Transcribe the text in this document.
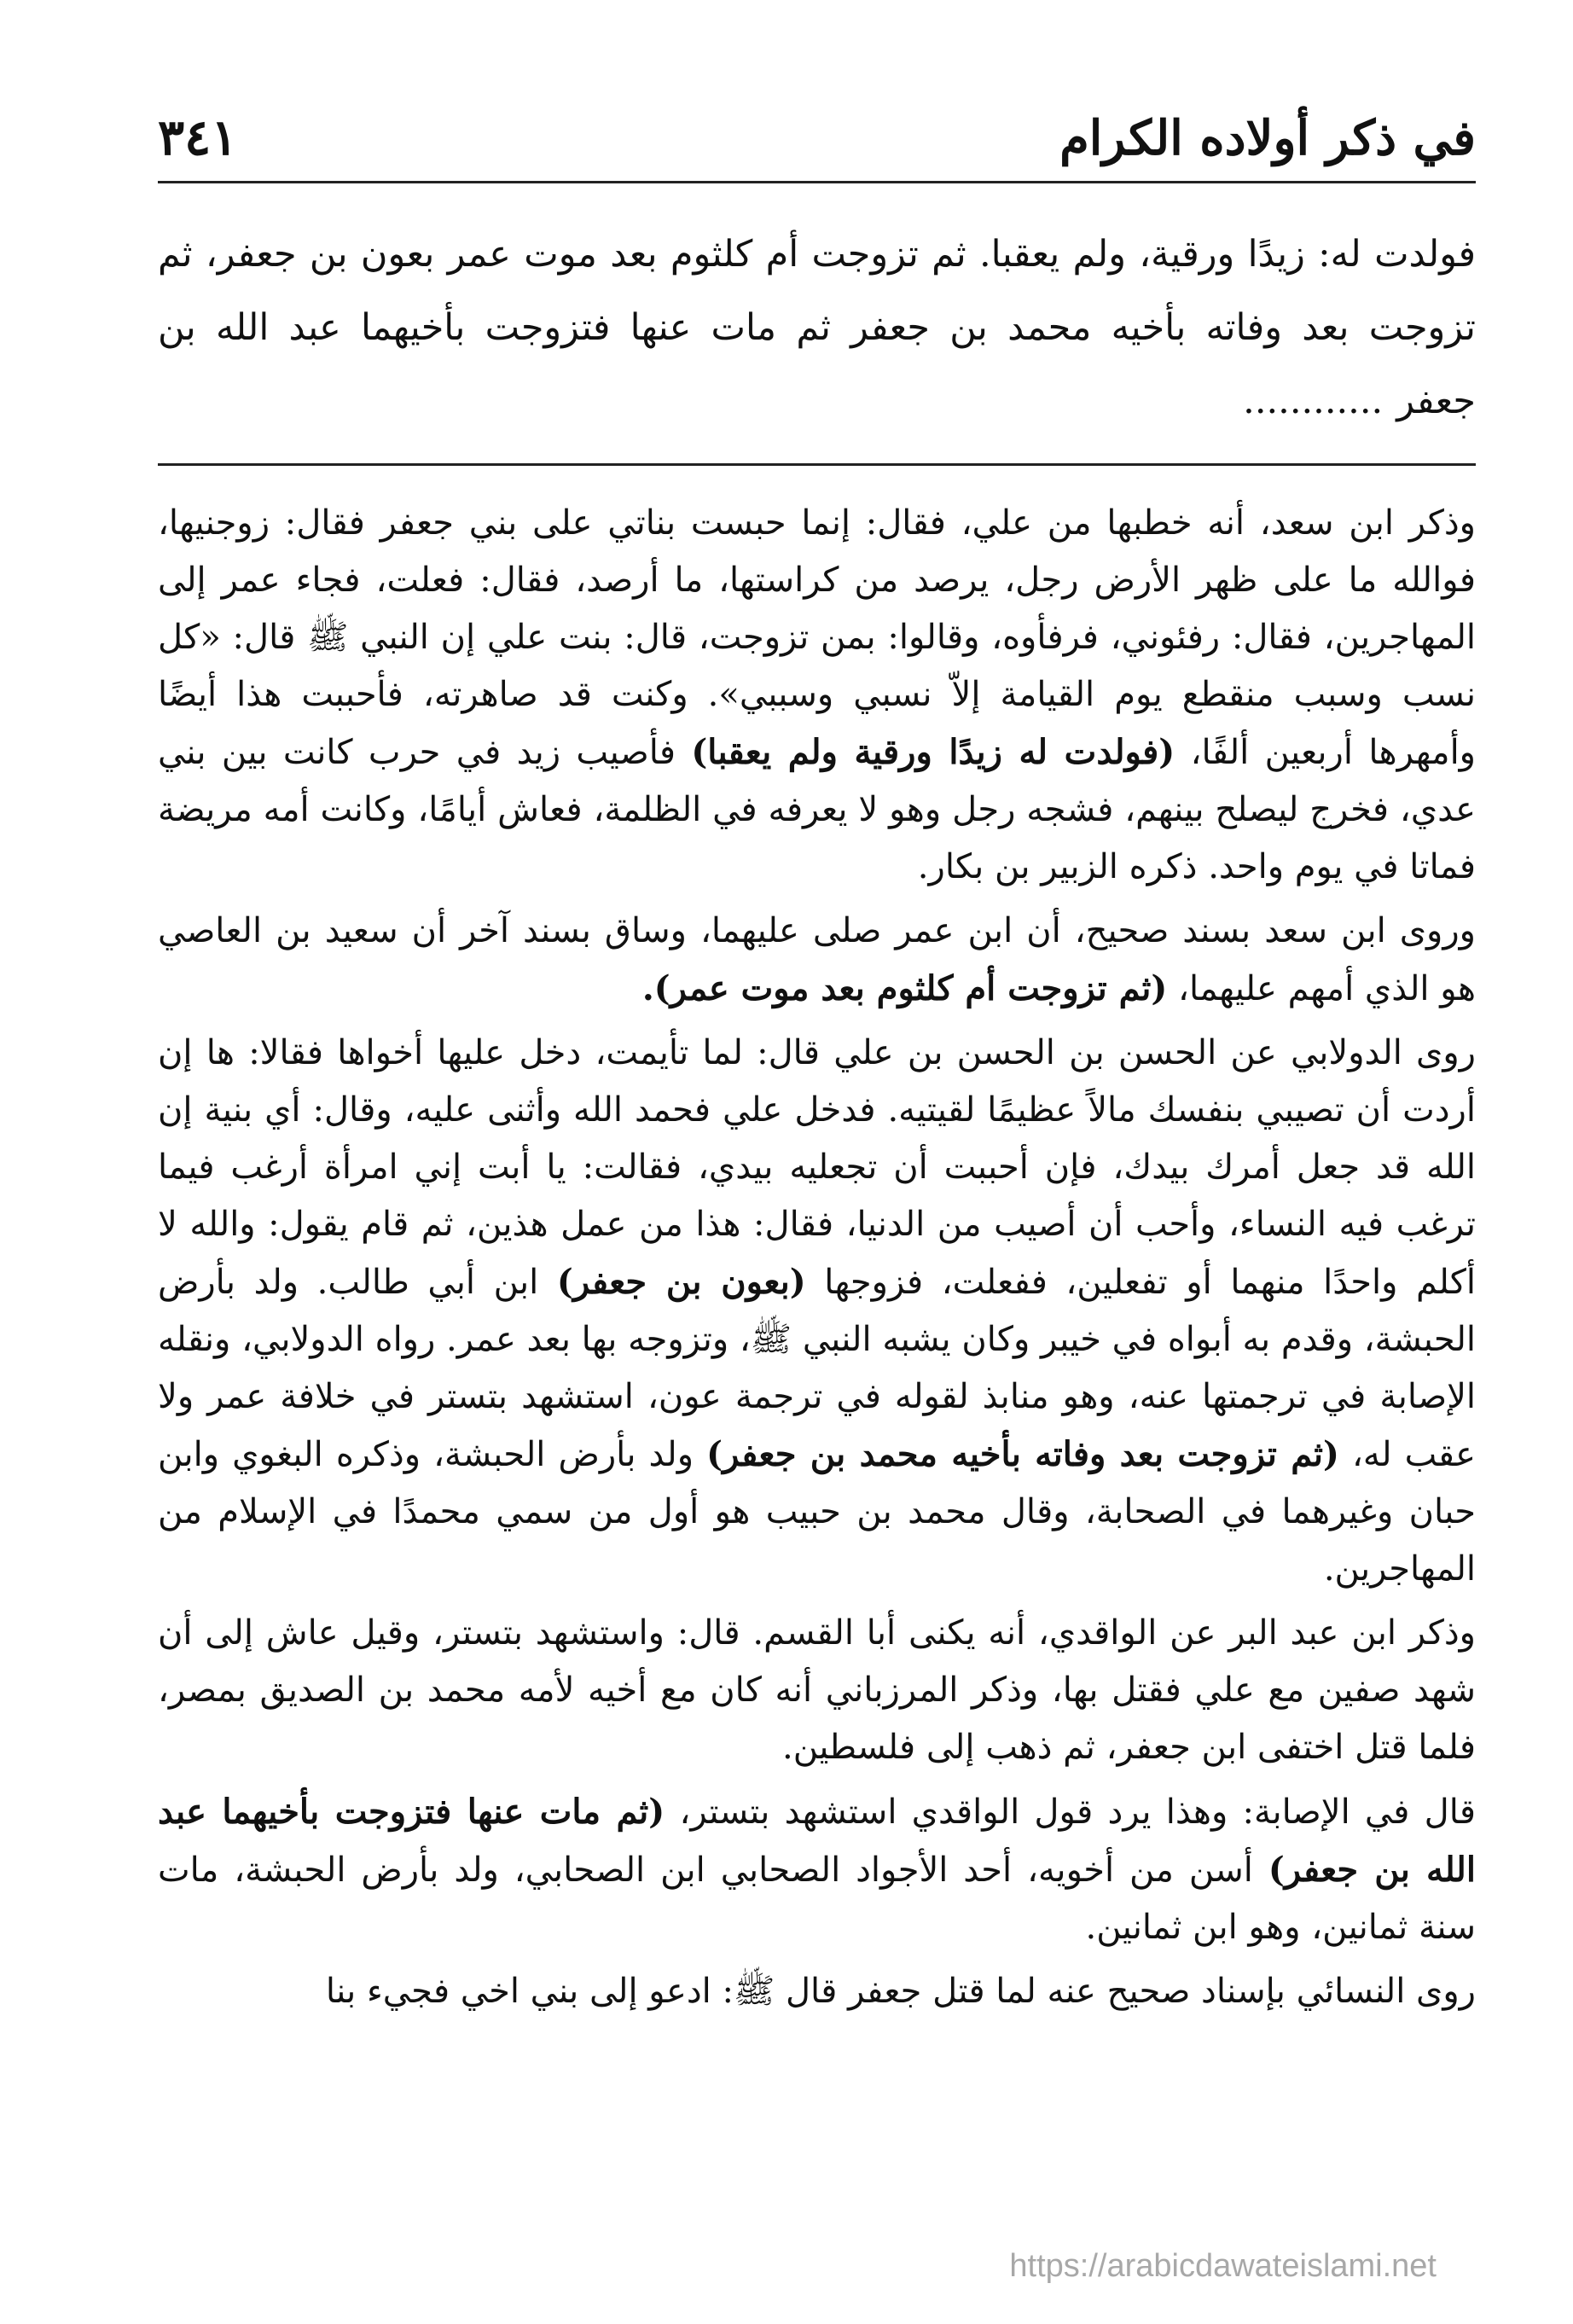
في ذكر أولاده الكرام
٣٤١
فولدت له: زيدًا ورقية، ولم يعقبا. ثم تزوجت أم كلثوم بعد موت عمر بعون بن جعفر، ثم تزوجت بعد وفاته بأخيه محمد بن جعفر ثم مات عنها فتزوجت بأخيهما عبد الله بن جعفر............

وذكر ابن سعد، أنه خطبها من علي، فقال: إنما حبست بناتي على بني جعفر فقال: زوجنيها، فوالله ما على ظهر الأرض رجل، يرصد من كراستها، ما أرصد، فقال: فعلت، فجاء عمر إلى المهاجرين، فقال: رفئوني، فرفأوه، وقالوا: بمن تزوجت، قال: بنت علي إن النبي ﷺ قال: «كل نسب وسبب منقطع يوم القيامة إلاّ نسبي وسببي». وكنت قد صاهرته، فأحببت هذا أيضًا وأمهرها أربعين ألفًا، (فولدت له زيدًا ورقية ولم يعقبا) فأصيب زيد في حرب كانت بين بني عدي، فخرج ليصلح بينهم، فشجه رجل وهو لا يعرفه في الظلمة، فعاش أيامًا، وكانت أمه مريضة فماتا في يوم واحد. ذكره الزبير بن بكار.

وروى ابن سعد بسند صحيح، أن ابن عمر صلى عليهما، وساق بسند آخر أن سعيد بن العاصي هو الذي أمهم عليهما، (ثم تزوجت أم كلثوم بعد موت عمر).

روى الدولابي عن الحسن بن الحسن بن علي قال: لما تأيمت، دخل عليها أخواها فقالا: ها إن أردت أن تصيبي بنفسك مالاً عظيمًا لقيتيه. فدخل علي فحمد الله وأثنى عليه، وقال: أي بنية إن الله قد جعل أمرك بيدك، فإن أحببت أن تجعليه بيدي، فقالت: يا أبت إني امرأة أرغب فيما ترغب فيه النساء، وأحب أن أصيب من الدنيا، فقال: هذا من عمل هذين، ثم قام يقول: والله لا أكلم واحدًا منهما أو تفعلين، ففعلت، فزوجها (بعون بن جعفر) ابن أبي طالب. ولد بأرض الحبشة، وقدم به أبواه في خيبر وكان يشبه النبي ﷺ، وتزوجه بها بعد عمر. رواه الدولابي، ونقله الإصابة في ترجمتها عنه، وهو منابذ لقوله في ترجمة عون، استشهد بتستر في خلافة عمر ولا عقب له، (ثم تزوجت بعد وفاته بأخيه محمد بن جعفر) ولد بأرض الحبشة، وذكره البغوي وابن حبان وغيرهما في الصحابة، وقال محمد بن حبيب هو أول من سمي محمدًا في الإسلام من المهاجرين.

وذكر ابن عبد البر عن الواقدي، أنه يكنى أبا القسم. قال: واستشهد بتستر، وقيل عاش إلى أن شهد صفين مع علي فقتل بها، وذكر المرزباني أنه كان مع أخيه لأمه محمد بن الصديق بمصر، فلما قتل اختفى ابن جعفر، ثم ذهب إلى فلسطين.

قال في الإصابة: وهذا يرد قول الواقدي استشهد بتستر، (ثم مات عنها فتزوجت بأخيهما عبد الله بن جعفر) أسن من أخويه، أحد الأجواد الصحابي ابن الصحابي، ولد بأرض الحبشة، مات سنة ثمانين، وهو ابن ثمانين.

روى النسائي بإسناد صحيح عنه لما قتل جعفر قال ﷺ: ادعو إلى بني اخي فجيء بنا

https://arabicdawateislami.net
